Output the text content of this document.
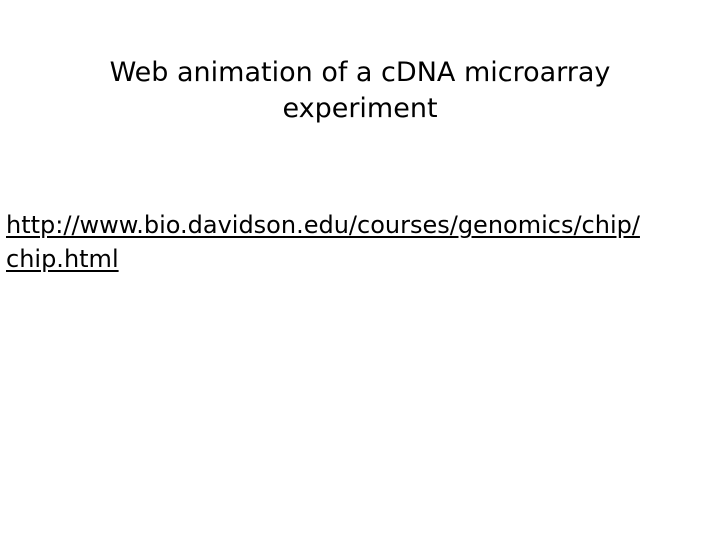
Web animation of a cDNA microarray
experiment
http://www.bio.davidson.edu/courses/genomics/chip/
chip.html
